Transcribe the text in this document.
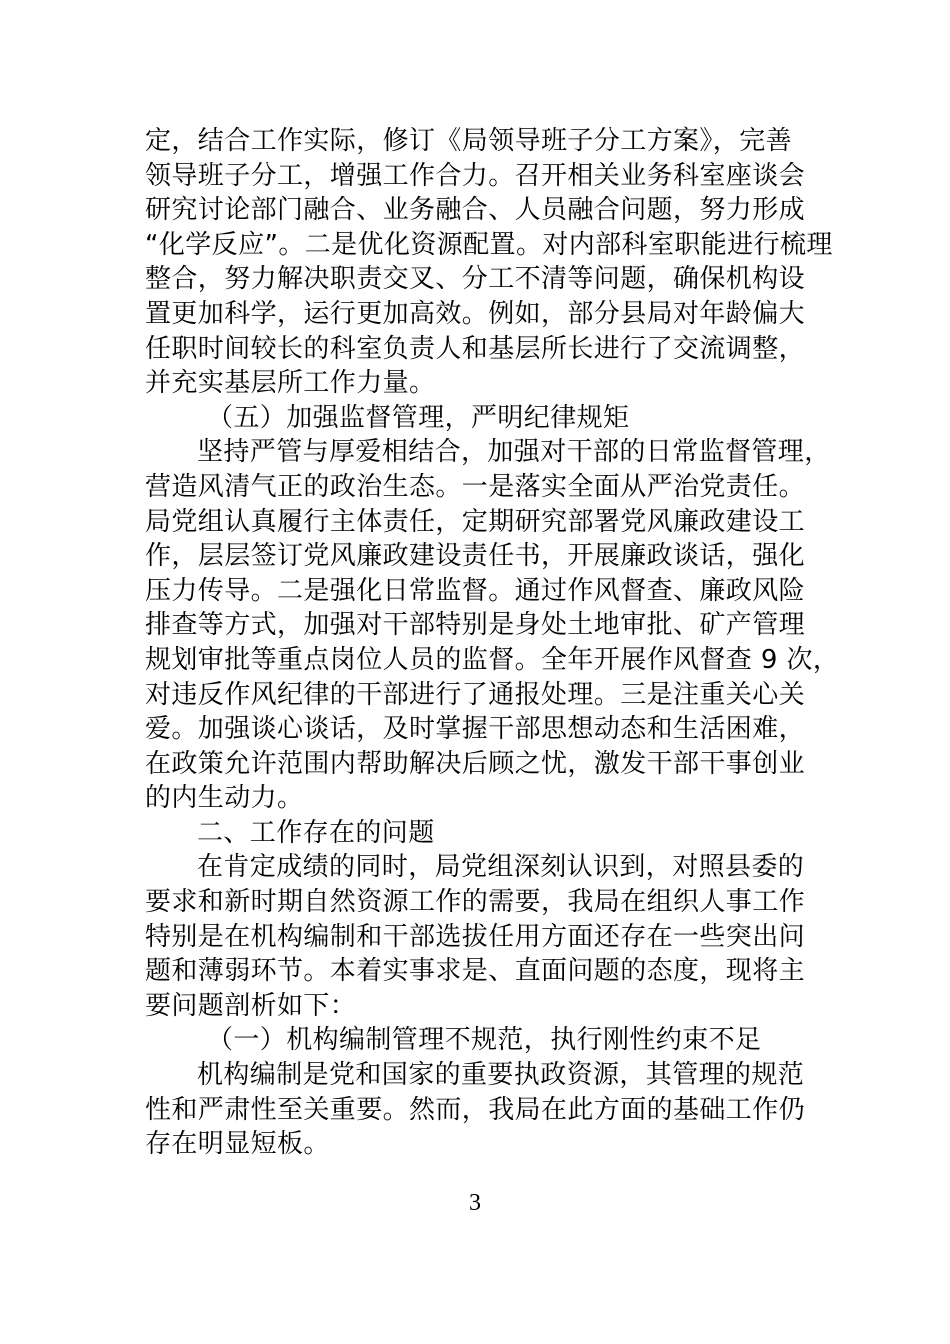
定，结合工作实际，修订《局领导班子分工方案》，完善
领导班子分工，增强工作合力。召开相关业务科室座谈会
研究讨论部门融合、业务融合、人员融合问题，努力形成
“化学反应”。二是优化资源配置。对内部科室职能进行梳理
整合，努力解决职责交叉、分工不清等问题，确保机构设
置更加科学，运行更加高效。例如，部分县局对年龄偏大
任职时间较长的科室负责人和基层所长进行了交流调整，
并充实基层所工作力量。
（五）加强监督管理，严明纪律规矩
坚持严管与厚爱相结合，加强对干部的日常监督管理，
营造风清气正的政治生态。一是落实全面从严治党责任。
局党组认真履行主体责任，定期研究部署党风廉政建设工
作，层层签订党风廉政建设责任书，开展廉政谈话，强化
压力传导。二是强化日常监督。通过作风督查、廉政风险
排查等方式，加强对干部特别是身处土地审批、矿产管理
规划审批等重点岗位人员的监督。全年开展作风督查 9 次，
对违反作风纪律的干部进行了通报处理。三是注重关心关
爱。加强谈心谈话，及时掌握干部思想动态和生活困难，
在政策允许范围内帮助解决后顾之忧，激发干部干事创业
的内生动力。
二、工作存在的问题
在肯定成绩的同时，局党组深刻认识到，对照县委的
要求和新时期自然资源工作的需要，我局在组织人事工作
特别是在机构编制和干部选拔任用方面还存在一些突出问
题和薄弱环节。本着实事求是、直面问题的态度，现将主
要问题剖析如下：
（一）机构编制管理不规范，执行刚性约束不足
机构编制是党和国家的重要执政资源，其管理的规范
性和严肃性至关重要。然而，我局在此方面的基础工作仍
存在明显短板。
3
